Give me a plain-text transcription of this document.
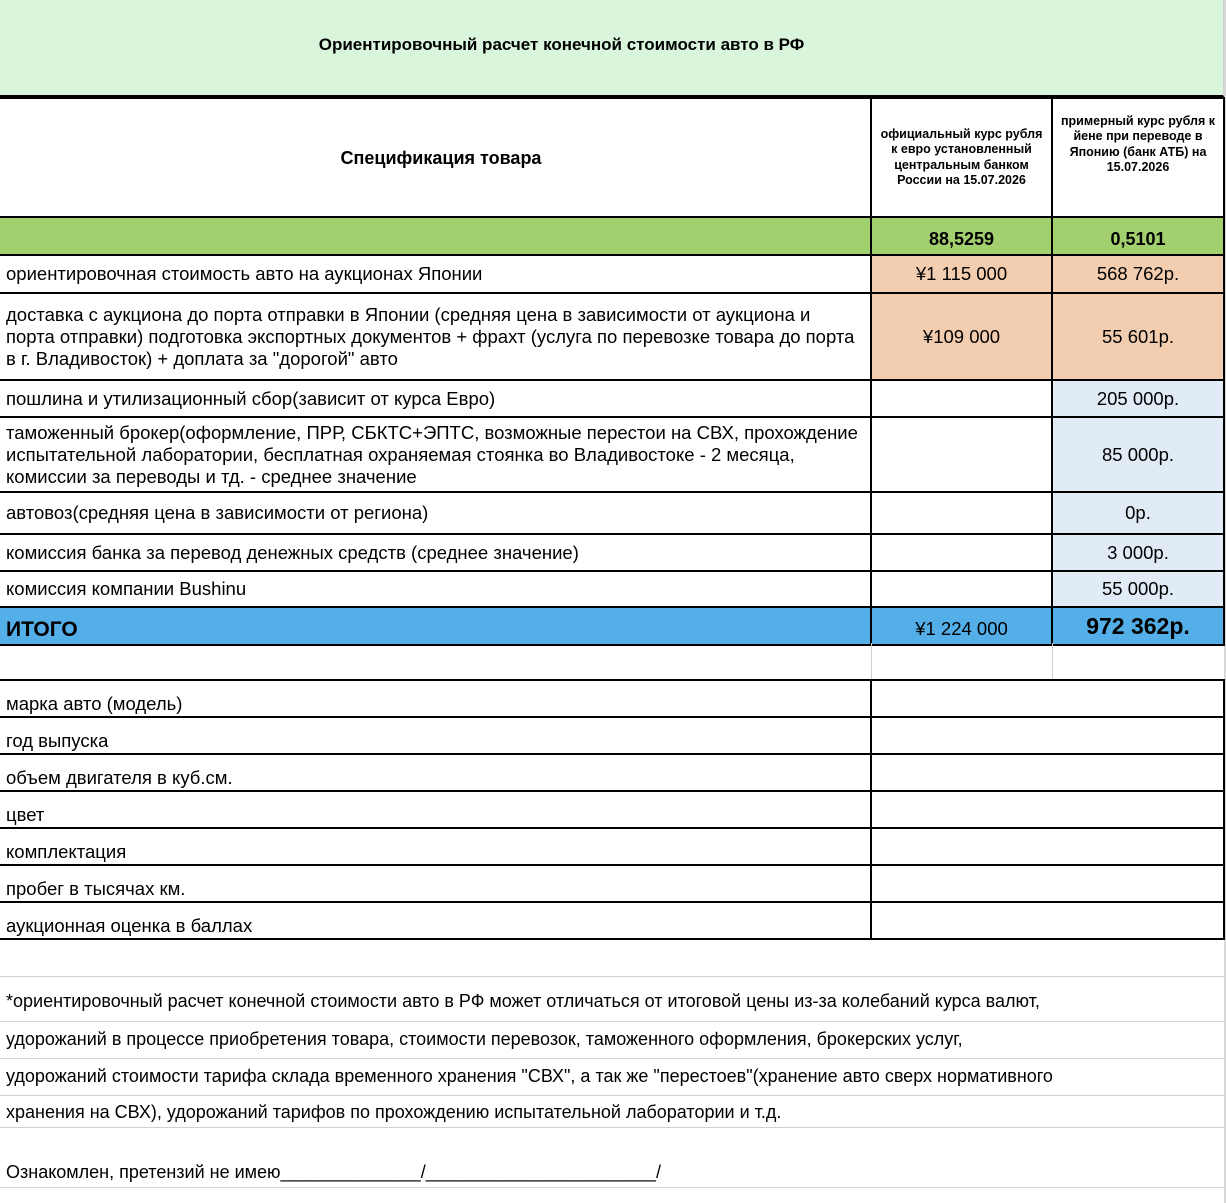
Ориентировочный расчет конечной стоимости авто в РФ
Спецификация товара	официальный курс рубля к евро установленный центральным банком России на 15.07.2026	примерный курс рубля к йене при переводе в Японию (банк АТБ) на 15.07.2026

	88,5259	0,5101
ориентировочная стоимость авто на аукционах Японии	¥1 115 000	568 762р.
доставка с аукциона до порта отправки в Японии (средняя цена в зависимости от аукциона и порта отправки) подготовка экспортных документов + фрахт (услуга по перевозке товара до порта в г. Владивосток) + доплата за "дорогой" авто	¥109 000	55 601р.
пошлина и утилизационный сбор(зависит от курса Евро)		205 000р.
таможенный брокер(оформление, ПРР, СБКТС+ЭПТС, возможные перестои на СВХ, прохождение испытательной лаборатории, бесплатная охраняемая стоянка во Владивостоке - 2 месяца, комиссии за переводы и тд. - среднее значение		85 000р.
автовоз(средняя цена в зависимости от региона)		0р.
комиссия банка за перевод денежных средств (среднее значение)		3 000р.
комиссия компании Bushinu		55 000р.
ИТОГО	¥1 224 000	972 362р.
марка авто (модель)	
год выпуска	
объем двигателя в куб.см.	
цвет	
комплектация	
пробег в тысячах км.	
аукционная оценка в баллах	
*ориентировочный расчет конечной стоимости авто в РФ может отличаться от итоговой цены из-за колебаний курса валют,
удорожаний в процессе приобретения товара, стоимости перевозок, таможенного оформления, брокерских услуг,
удорожаний стоимости тарифа склада временного хранения "СВХ", а так же "перестоев"(хранение авто сверх нормативного
хранения на СВХ), удорожаний тарифов по прохождению испытательной лаборатории и т.д.
Ознакомлен, претензий не имею______________/_______________________/
